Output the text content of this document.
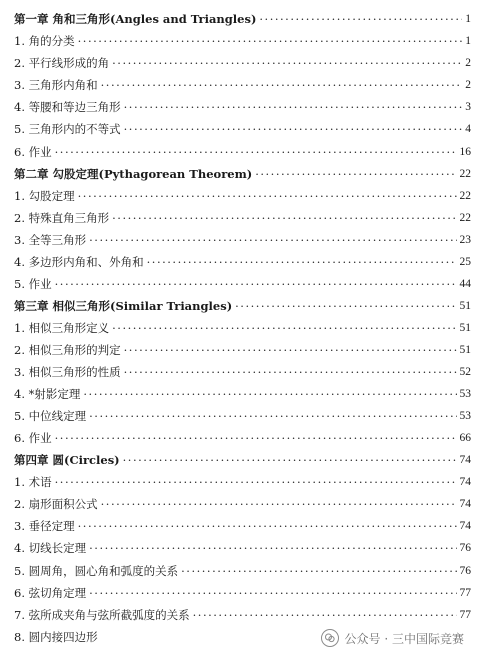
第一章 角和三角形(Angles and Triangles) ·····	1
1. 角的分类 ·····	1
2. 平行线形成的角 ·····	2
3. 三角形内角和 ·····	2
4. 等腰和等边三角形 ·····	3
5. 三角形内的不等式 ·····	4
6. 作业 ·····	16
第二章 勾股定理(Pythagorean Theorem) ·····	22
1. 勾股定理 ·····	22
2. 特殊直角三角形 ·····	22
3. 全等三角形 ·····	23
4. 多边形内角和、外角和 ·····	25
5. 作业 ·····	44
第三章 相似三角形(Similar Triangles) ·····	51
1. 相似三角形定义 ·····	51
2. 相似三角形的判定 ·····	51
3. 相似三角形的性质 ·····	52
4. *射影定理 ·····	53
5. 中位线定理 ·····	53
6. 作业 ·····	66
第四章 圆(Circles) ·····	74
1. 术语 ·····	74
2. 扇形面积公式 ·····	74
3. 垂径定理 ·····	74
4. 切线长定理 ·····	76
5. 圆周角，圆心角和弧度的关系 ·····	76
6. 弦切角定理 ·····	77
7. 弦所成夹角与弦所截弧度的关系 ·····	77
8. 圆内接四边形	公众号 · 三中国际竞赛
